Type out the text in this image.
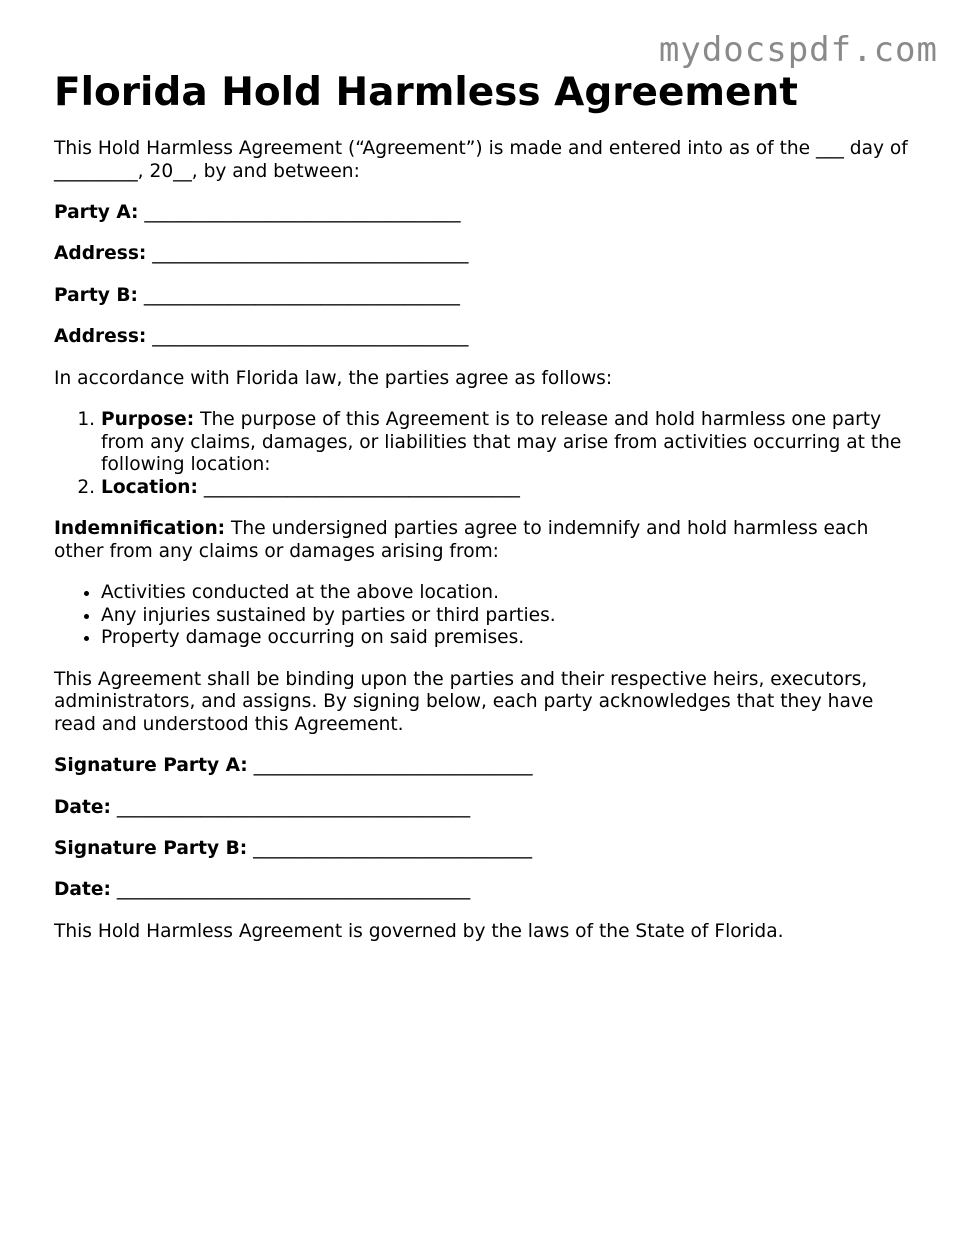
mydocspdf.com
Florida Hold Harmless Agreement

This Hold Harmless Agreement (“Agreement”) is made and entered into as of the ___ day of _________, 20__, by and between:

Party A: __________________________________

Address: __________________________________

Party B: __________________________________

Address: __________________________________

In accordance with Florida law, the parties agree as follows:

1. Purpose: The purpose of this Agreement is to release and hold harmless one party from any claims, damages, or liabilities that may arise from activities occurring at the following location:
2. Location: __________________________________

Indemnification: The undersigned parties agree to indemnify and hold harmless each other from any claims or damages arising from:

• Activities conducted at the above location.
• Any injuries sustained by parties or third parties.
• Property damage occurring on said premises.

This Agreement shall be binding upon the parties and their respective heirs, executors, administrators, and assigns. By signing below, each party acknowledges that they have read and understood this Agreement.

Signature Party A: ______________________________

Date: ______________________________________

Signature Party B: ______________________________

Date: ______________________________________

This Hold Harmless Agreement is governed by the laws of the State of Florida.
